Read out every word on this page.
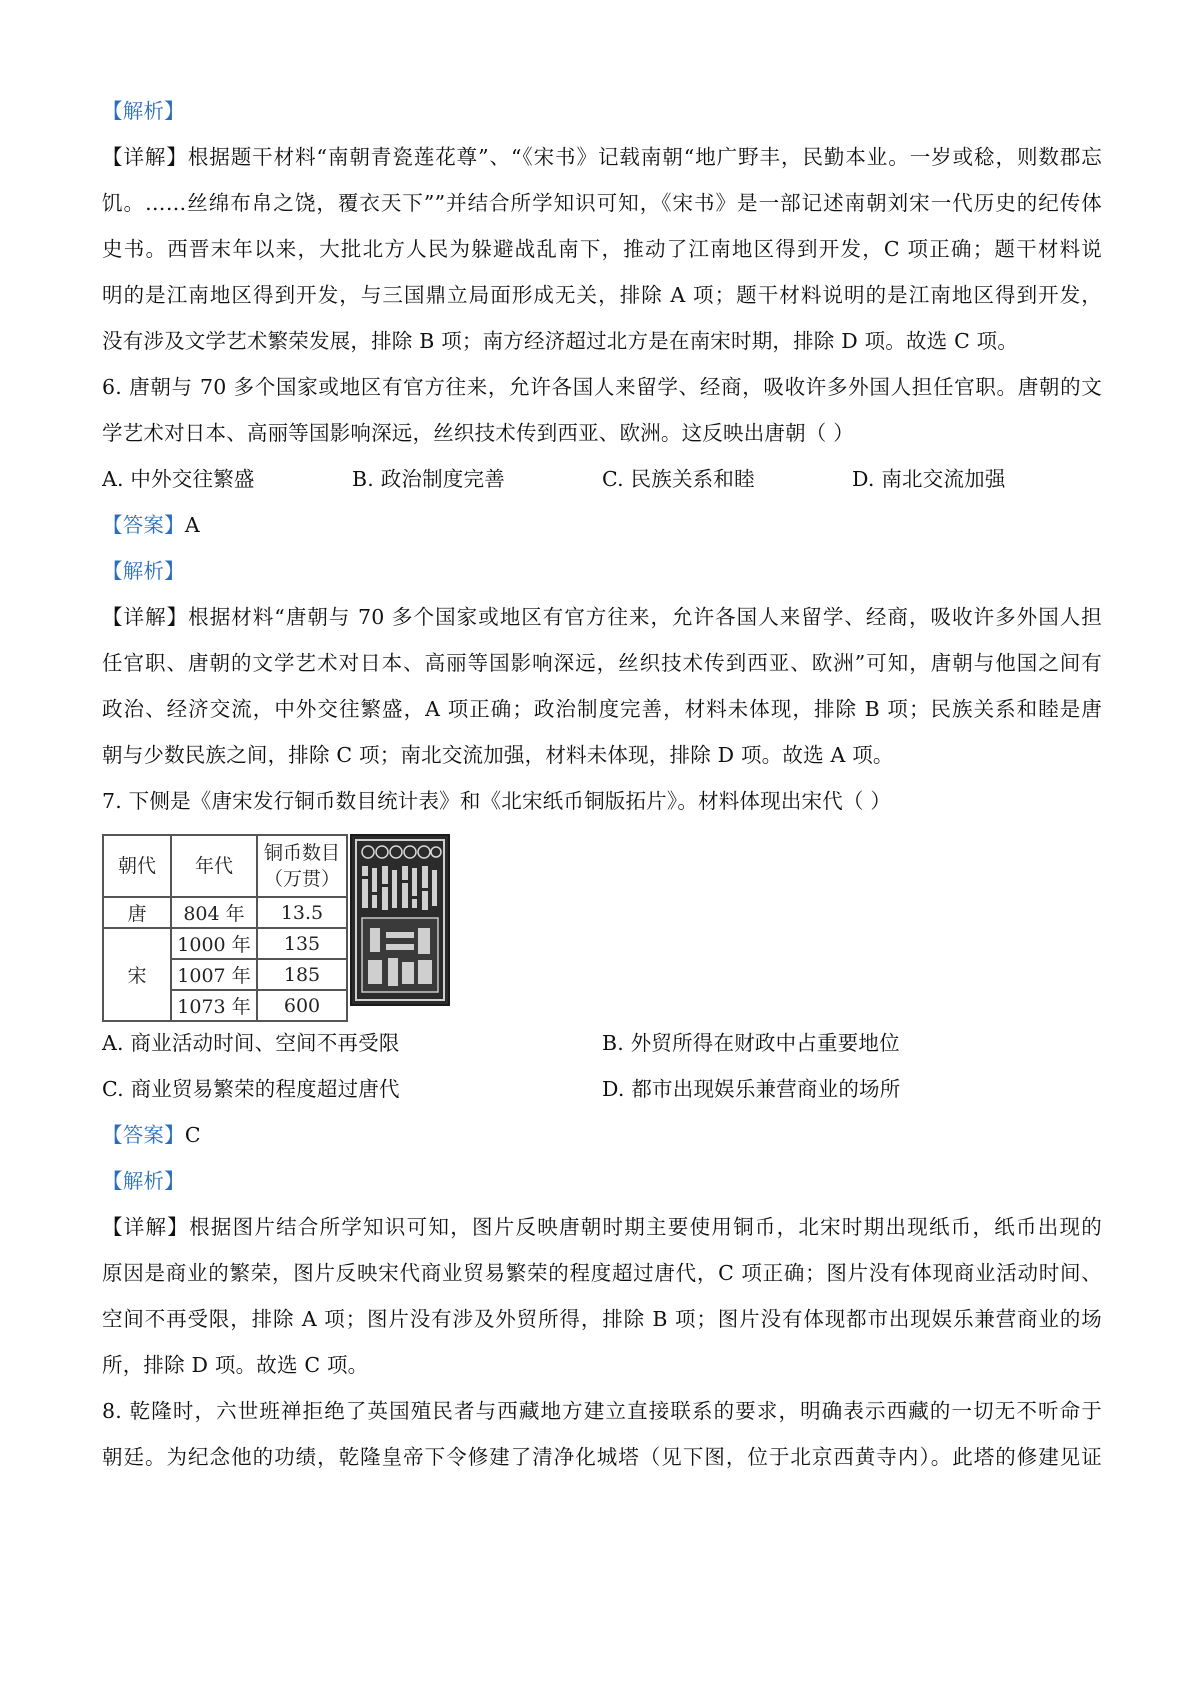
【解析】
【详解】根据题干材料“南朝青瓷莲花尊”、“《宋书》记载南朝“地广野丰，民勤本业。一岁或稔，则数郡忘
饥。……丝绵布帛之饶，覆衣天下””并结合所学知识可知，《宋书》是一部记述南朝刘宋一代历史的纪传体
史书。西晋末年以来，大批北方人民为躲避战乱南下，推动了江南地区得到开发，C 项正确；题干材料说
明的是江南地区得到开发，与三国鼎立局面形成无关，排除 A 项；题干材料说明的是江南地区得到开发，
没有涉及文学艺术繁荣发展，排除 B 项；南方经济超过北方是在南宋时期，排除 D 项。故选 C 项。
6. 唐朝与 70 多个国家或地区有官方往来，允许各国人来留学、经商，吸收许多外国人担任官职。唐朝的文
学艺术对日本、高丽等国影响深远，丝织技术传到西亚、欧洲。这反映出唐朝（ ）
A. 中外交往繁盛	B. 政治制度完善	C. 民族关系和睦	D. 南北交流加强
【答案】A
【解析】
【详解】根据材料“唐朝与 70 多个国家或地区有官方往来，允许各国人来留学、经商，吸收许多外国人担
任官职、唐朝的文学艺术对日本、高丽等国影响深远，丝织技术传到西亚、欧洲”可知，唐朝与他国之间有
政治、经济交流，中外交往繁盛，A 项正确；政治制度完善，材料未体现，排除 B 项；民族关系和睦是唐
朝与少数民族之间，排除 C 项；南北交流加强，材料未体现，排除 D 项。故选 A 项。
7. 下侧是《唐宋发行铜币数目统计表》和《北宋纸币铜版拓片》。材料体现出宋代（ ）
朝代	年代	铜币数目
（万贯）
唐	804 年	13.5
宋	1000 年	135
	1007 年	185
	1073 年	600
A. 商业活动时间、空间不再受限	B. 外贸所得在财政中占重要地位
C. 商业贸易繁荣的程度超过唐代	D. 都市出现娱乐兼营商业的场所
【答案】C
【解析】
【详解】根据图片结合所学知识可知，图片反映唐朝时期主要使用铜币，北宋时期出现纸币，纸币出现的
原因是商业的繁荣，图片反映宋代商业贸易繁荣的程度超过唐代，C 项正确；图片没有体现商业活动时间、
空间不再受限，排除 A 项；图片没有涉及外贸所得，排除 B 项；图片没有体现都市出现娱乐兼营商业的场
所，排除 D 项。故选 C 项。
8. 乾隆时，六世班禅拒绝了英国殖民者与西藏地方建立直接联系的要求，明确表示西藏的一切无不听命于
朝廷。为纪念他的功绩，乾隆皇帝下令修建了清净化城塔（见下图，位于北京西黄寺内）。此塔的修建见证
